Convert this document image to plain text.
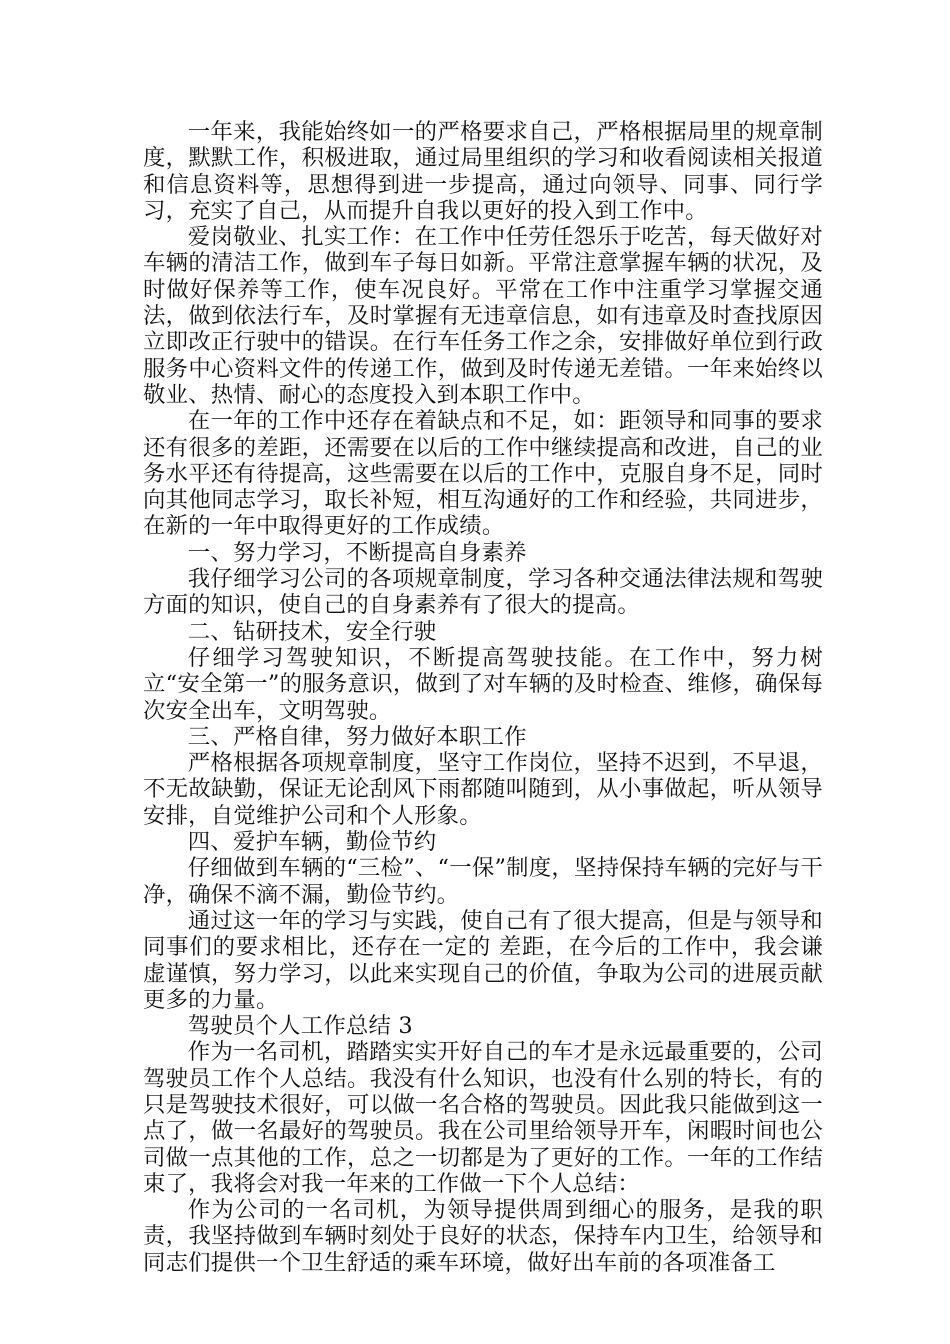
一年来，我能始终如一的严格要求自己，严格根据局里的规章制度，默默工作，积极进取，通过局里组织的学习和收看阅读相关报道和信息资料等，思想得到进一步提高，通过向领导、同事、同行学习，充实了自己，从而提升自我以更好的投入到工作中。

爱岗敬业、扎实工作：在工作中任劳任怨乐于吃苦，每天做好对车辆的清洁工作，做到车子每日如新。平常注意掌握车辆的状况，及时做好保养等工作，使车况良好。平常在工作中注重学习掌握交通法，做到依法行车，及时掌握有无违章信息，如有违章及时查找原因立即改正行驶中的错误。在行车任务工作之余，安排做好单位到行政服务中心资料文件的传递工作，做到及时传递无差错。一年来始终以敬业、热情、耐心的态度投入到本职工作中。

在一年的工作中还存在着缺点和不足，如：距领导和同事的要求还有很多的差距，还需要在以后的工作中继续提高和改进，自己的业务水平还有待提高，这些需要在以后的工作中，克服自身不足，同时向其他同志学习，取长补短，相互沟通好的工作和经验，共同进步，在新的一年中取得更好的工作成绩。

一、努力学习，不断提高自身素养

我仔细学习公司的各项规章制度，学习各种交通法律法规和驾驶方面的知识，使自己的自身素养有了很大的提高。

二、钻研技术，安全行驶

仔细学习驾驶知识，不断提高驾驶技能。在工作中，努力树立“安全第一”的服务意识，做到了对车辆的及时检查、维修，确保每次安全出车，文明驾驶。

三、严格自律，努力做好本职工作

严格根据各项规章制度，坚守工作岗位，坚持不迟到，不早退，不无故缺勤，保证无论刮风下雨都随叫随到，从小事做起，听从领导安排，自觉维护公司和个人形象。

四、爱护车辆，勤俭节约

仔细做到车辆的“三检”、“一保”制度，坚持保持车辆的完好与干净，确保不滴不漏，勤俭节约。

通过这一年的学习与实践，使自己有了很大提高，但是与领导和同事们的要求相比，还存在一定的 差距，在今后的工作中，我会谦虚谨慎，努力学习，以此来实现自己的价值，争取为公司的进展贡献更多的力量。

驾驶员个人工作总结 3

作为一名司机，踏踏实实开好自己的车才是永远最重要的，公司驾驶员工作个人总结。我没有什么知识，也没有什么别的特长，有的只是驾驶技术很好，可以做一名合格的驾驶员。因此我只能做到这一点了，做一名最好的驾驶员。我在公司里给领导开车，闲暇时间也公司做一点其他的工作，总之一切都是为了更好的工作。一年的工作结束了，我将会对我一年来的工作做一下个人总结：

作为公司的一名司机，为领导提供周到细心的服务，是我的职责，我坚持做到车辆时刻处于良好的状态，保持车内卫生，给领导和同志们提供一个卫生舒适的乘车环境，做好出车前的各项准备工
